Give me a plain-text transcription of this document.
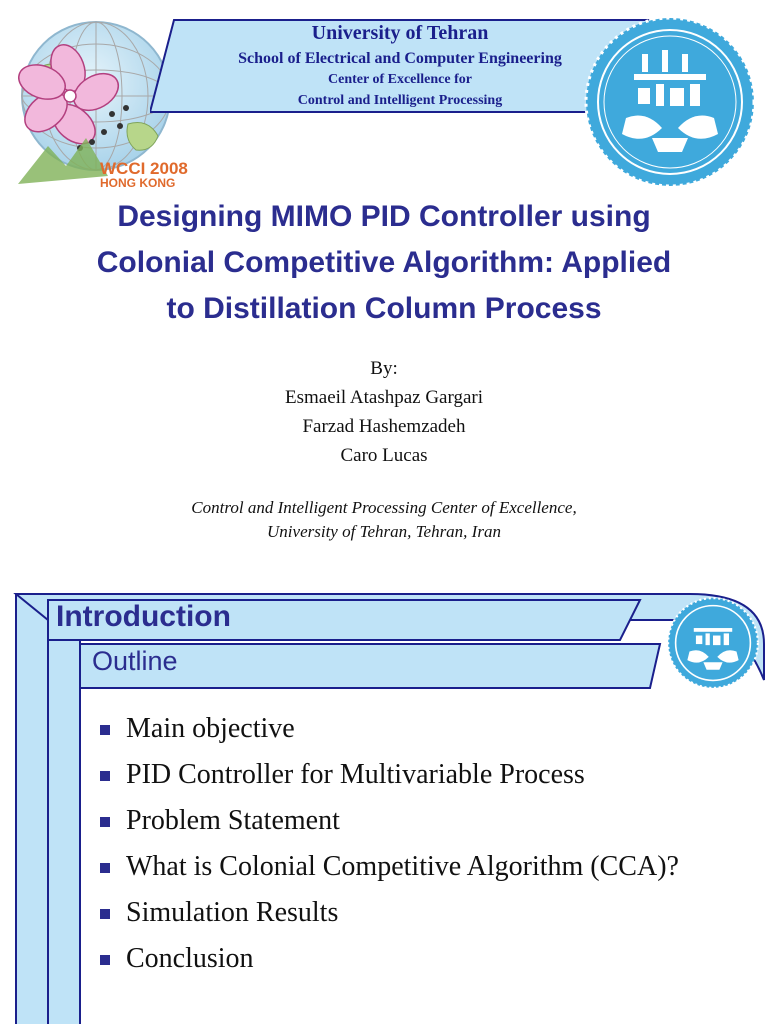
WCCI 2008
HONG KONG
University of Tehran
School of Electrical and Computer Engineering
Center of Excellence for
Control and Intelligent Processing
Designing MIMO PID Controller using
Colonial Competitive Algorithm: Applied
to Distillation Column Process
By:
Esmaeil Atashpaz Gargari
Farzad Hashemzadeh
Caro Lucas
Control and Intelligent Processing Center of Excellence,
University of Tehran, Tehran, Iran
Introduction
Outline
Main objective
PID Controller for Multivariable Process
Problem Statement
What is Colonial Competitive Algorithm (CCA)?
Simulation Results
Conclusion
